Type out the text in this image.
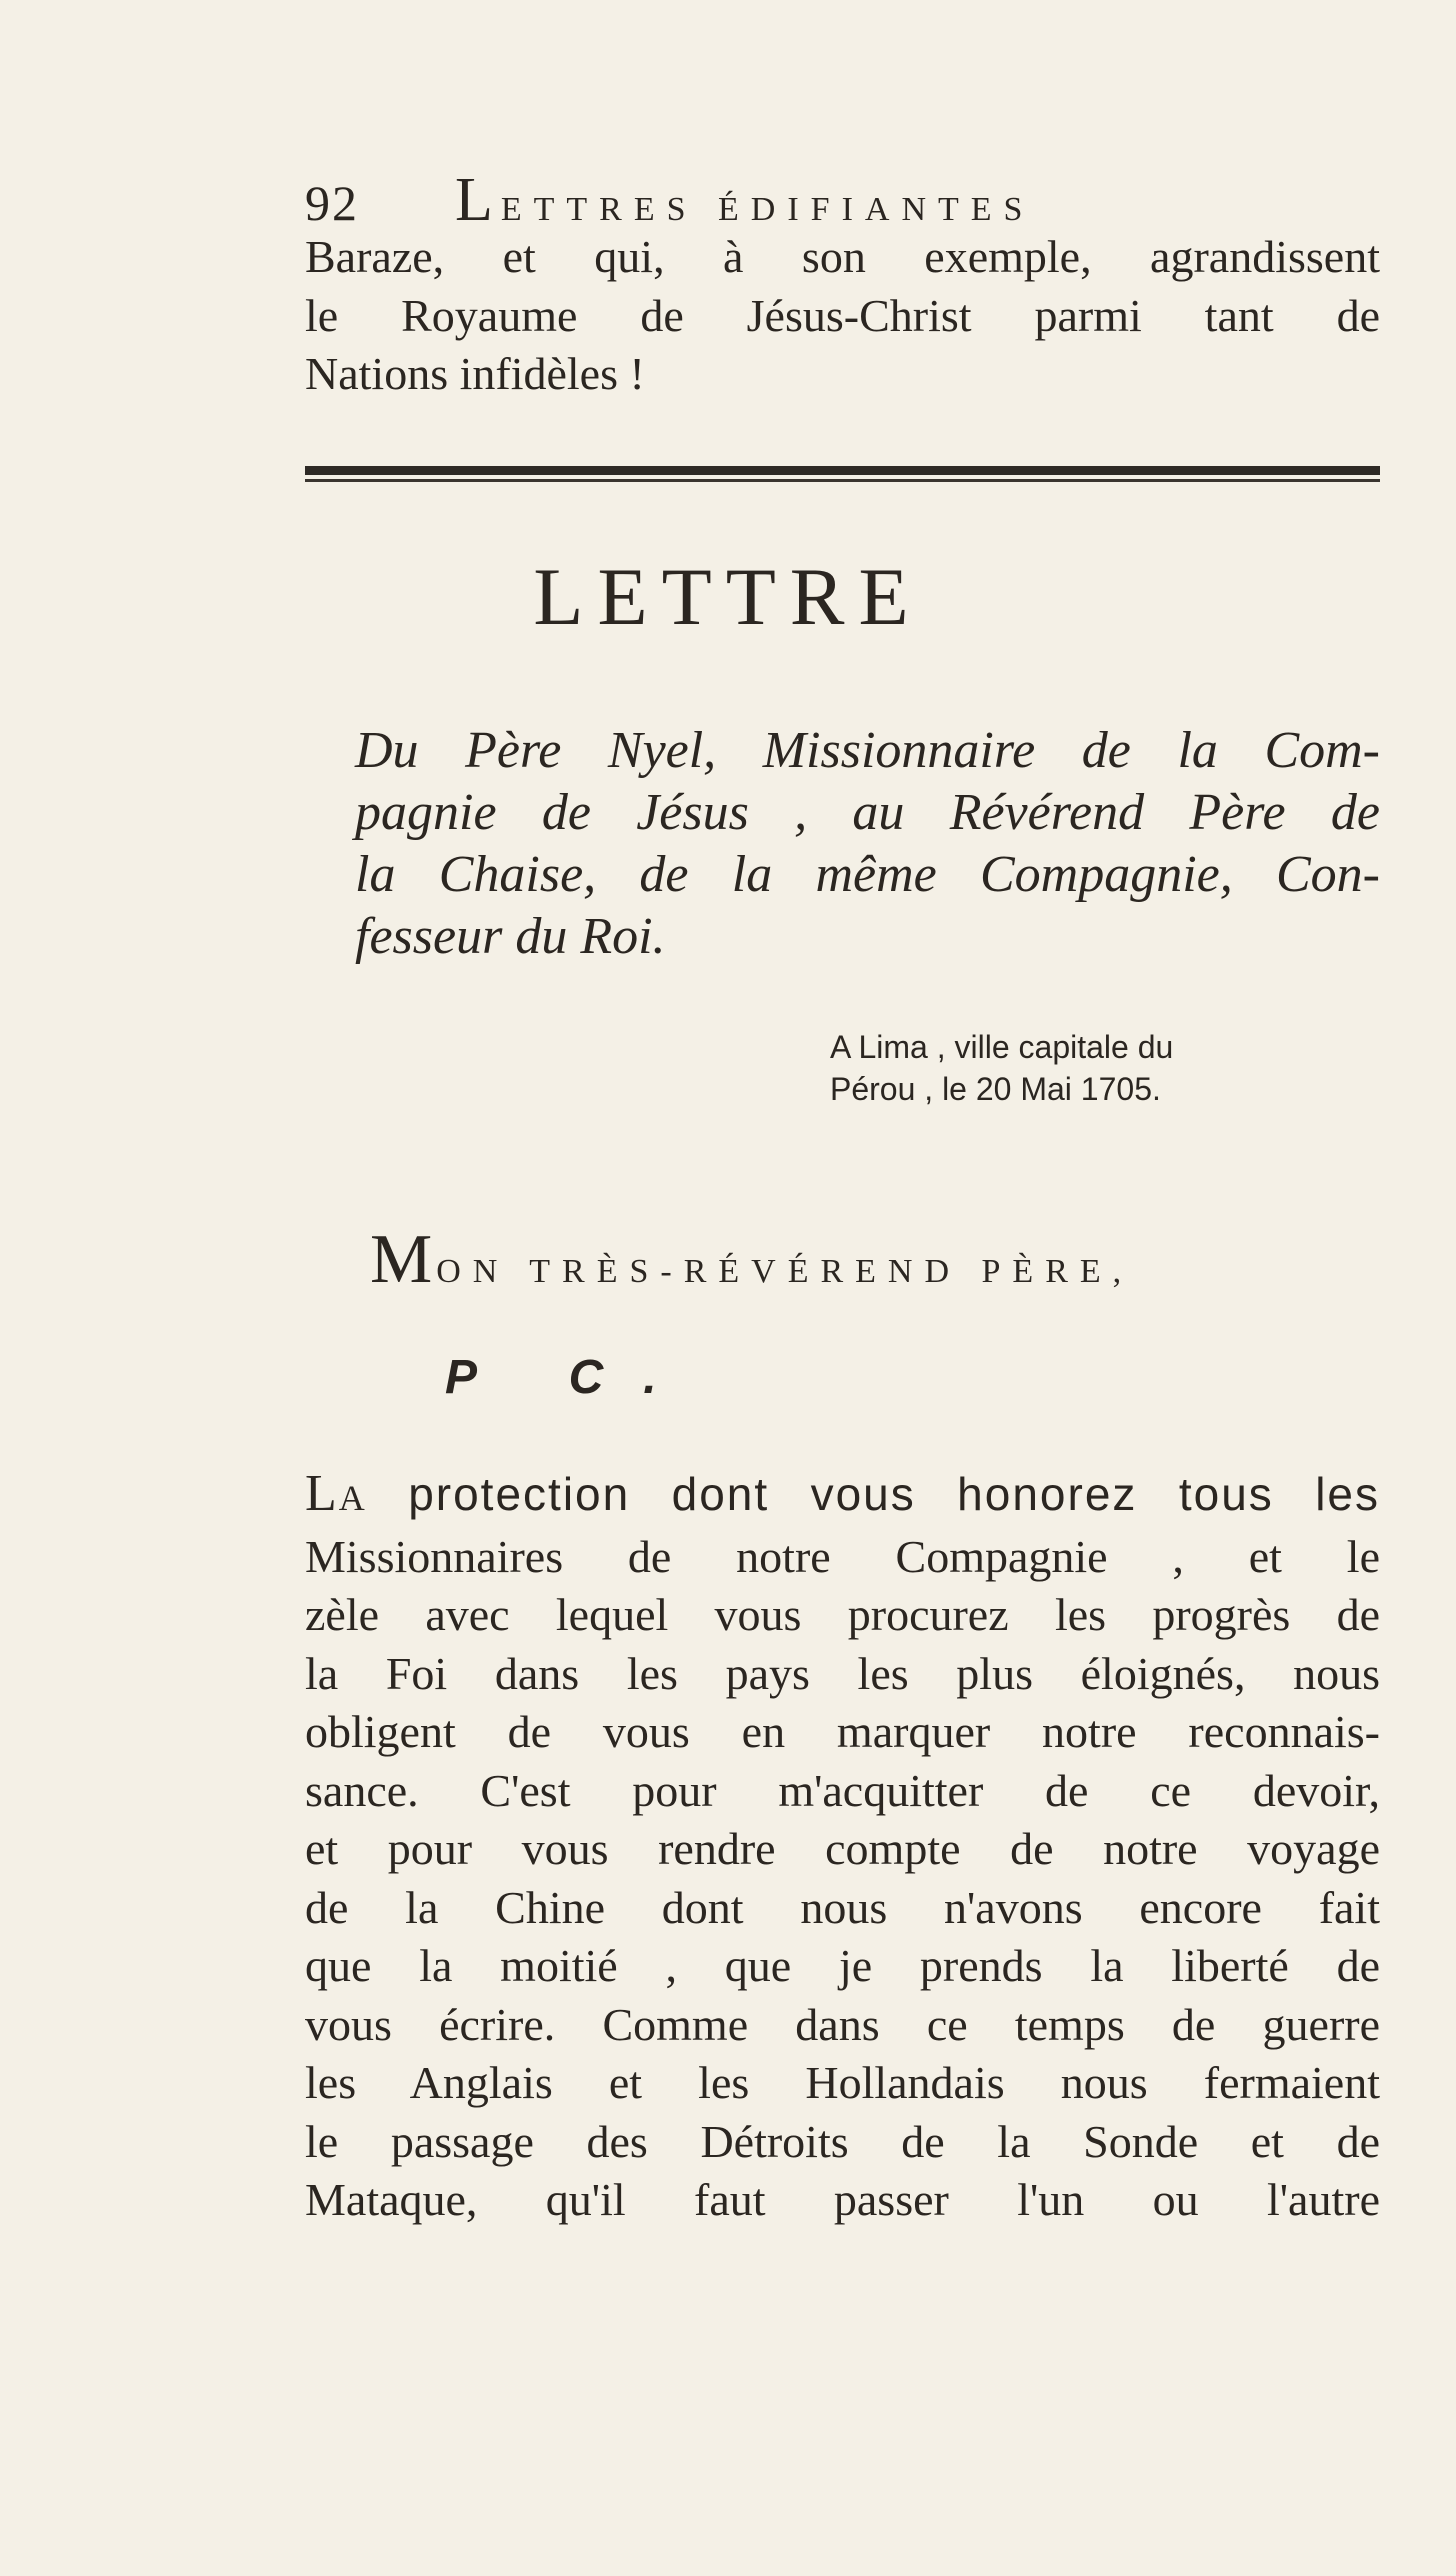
92	LETTRES ÉDIFIANTES

Baraze, et qui, à son exemple, agrandissent
le Royaume de Jésus-Christ parmi tant de
Nations infidèles !

LETTRE

Du Père Nyel, Missionnaire de la Com-
pagnie de Jésus , au Révérend Père de
la Chaise, de la même Compagnie, Con-
fesseur du Roi.

A Lima , ville capitale du
Pérou , le 20 Mai 1705.

MON TRÈS-RÉVÉREND PÈRE,
P C.

LA protection dont vous honorez tous les
Missionnaires de notre Compagnie , et le
zèle avec lequel vous procurez les progrès de
la Foi dans les pays les plus éloignés, nous
obligent de vous en marquer notre reconnais-
sance. C'est pour m'acquitter de ce devoir,
et pour vous rendre compte de notre voyage
de la Chine dont nous n'avons encore fait
que la moitié , que je prends la liberté de
vous écrire. Comme dans ce temps de guerre
les Anglais et les Hollandais nous fermaient
le passage des Détroits de la Sonde et de
Mataque, qu'il faut passer l'un ou l'autre
